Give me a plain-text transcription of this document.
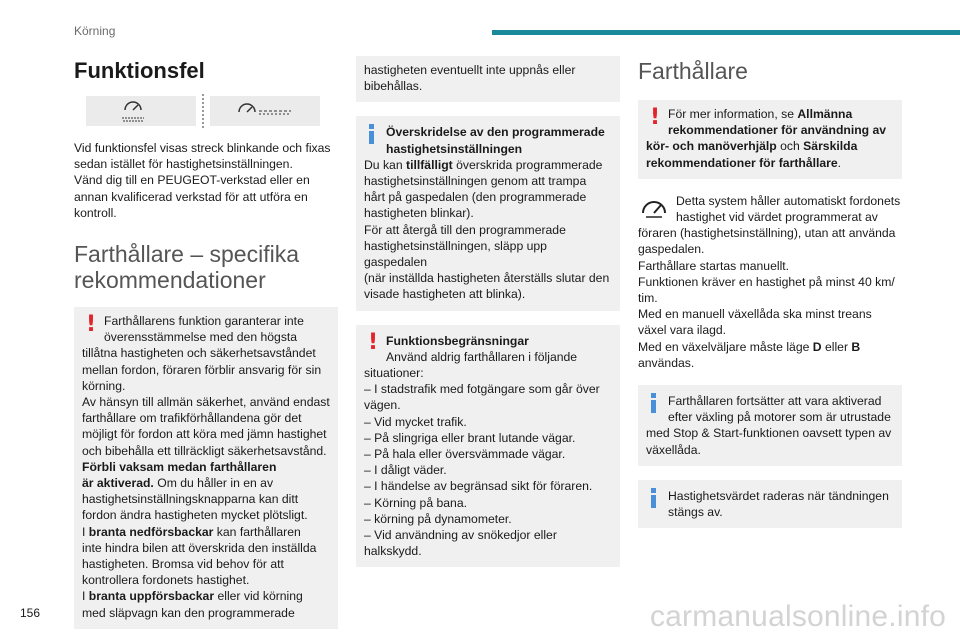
Körning
Funktionsfel

Vid funktionsfel visas streck blinkande och fixas

sedan istället för hastighetsinställningen.

Vänd dig till en PEUGEOT-verkstad eller en

annan kvalificerad verkstad för att utföra en

kontroll.

Farthållare – specifika
rekommendationer
! Farthållarens funktion garanterar inte

överensstämmelse med den högsta

tillåtna hastigheten och säkerhetsavståndet

mellan fordon, föraren förblir ansvarig för sin

körning.

Av hänsyn till allmän säkerhet, använd endast

farthållare om trafikförhållandena gör det

möjligt för fordon att köra med jämn hastighet

och bibehålla ett tillräckligt säkerhetsavstånd.

Förbli vaksam medan farthållaren

är aktiverad. Om du håller in en av

hastighetsinställningsknapparna kan ditt

fordon ändra hastigheten mycket plötsligt.

I branta nedförsbackar kan farthållaren

inte hindra bilen att överskrida den inställda

hastigheten. Bromsa vid behov för att

kontrollera fordonets hastighet.

I branta uppförsbackar eller vid körning

med släpvagn kan den programmerade

hastigheten eventuellt inte uppnås eller

bibehållas.

Överskridelse av den programmerade

hastighetsinställningen

Du kan tillfälligt överskrida programmerade

hastighetsinställningen genom att trampa

hårt på gaspedalen (den programmerade

hastigheten blinkar).

För att återgå till den programmerade

hastighetsinställningen, släpp upp gaspedalen

(när inställda hastigheten återställs slutar den

visade hastigheten att blinka).

! Funktionsbegränsningar

Använd aldrig farthållaren i följande

situationer:

– I stadstrafik med fotgängare som går över

vägen.

– Vid mycket trafik.

– På slingriga eller brant lutande vägar.

– På hala eller översvämmade vägar.

– I dåligt väder.

– I händelse av begränsad sikt för föraren.

– Körning på bana.

– körning på dynamometer.

– Vid användning av snökedjor eller

halkskydd.

Farthållare
! För mer information, se Allmänna

rekommendationer för användning av

kör- och manöverhjälp och Särskilda

rekommendationer för farthållare.

Detta system håller automatiskt fordonets

hastighet vid värdet programmerat av

föraren (hastighetsinställning), utan att använda

gaspedalen.

Farthållare startas manuellt.

Funktionen kräver en hastighet på minst 40 km/

tim.

Med en manuell växellåda ska minst treans

växel vara ilagd.

Med en växelväljare måste läge D eller B

användas.

Farthållaren fortsätter att vara aktiverad

efter växling på motorer som är utrustade

med Stop & Start-funktionen oavsett typen av

växellåda.

Hastighetsvärdet raderas när tändningen

stängs av.

156	carmanualsonline.info
